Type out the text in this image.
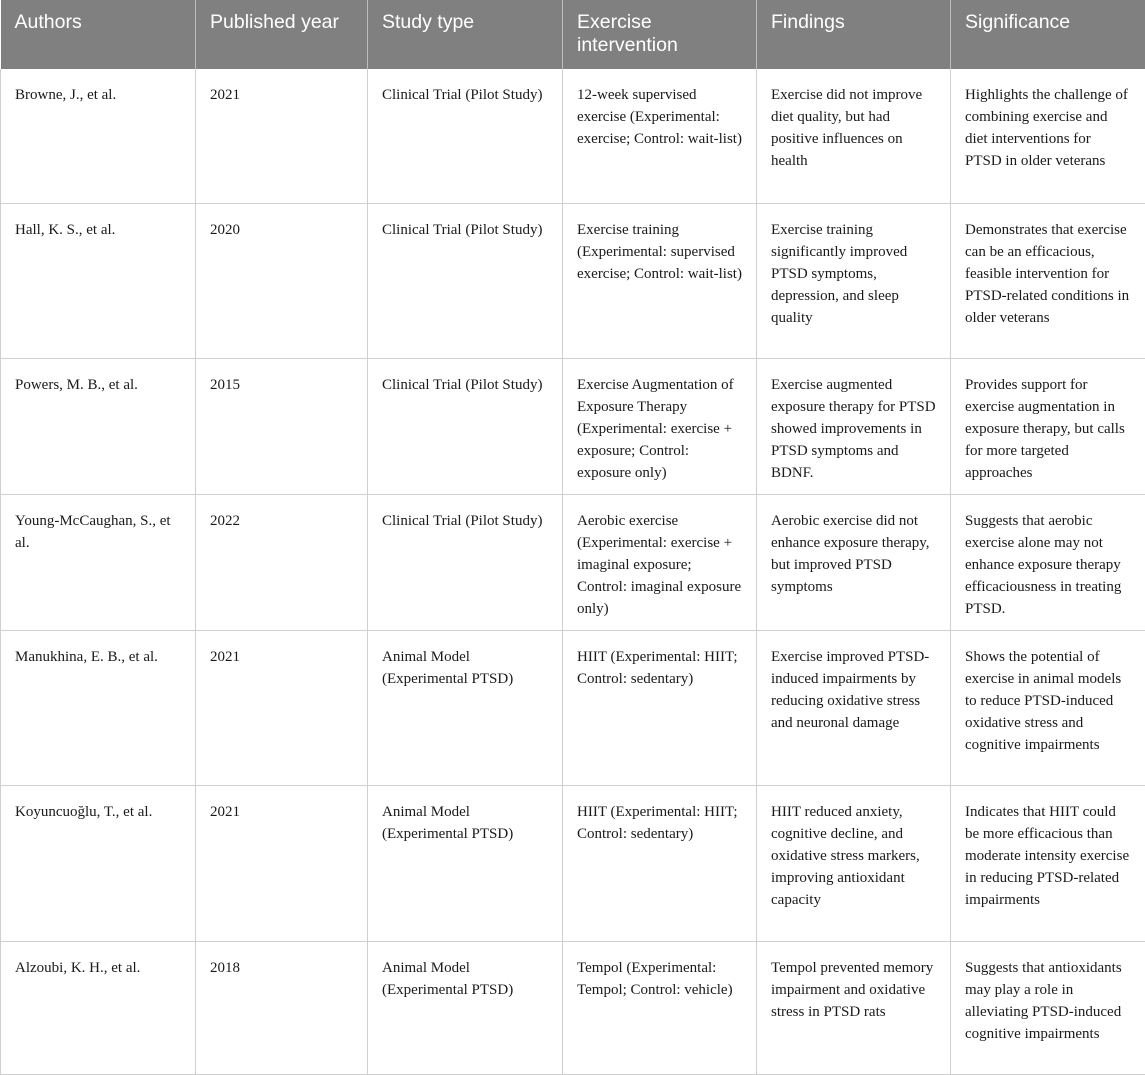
Authors	Published year	Study type	Exercise intervention	Findings	Significance
Browne, J., et al.	2021	Clinical Trial (Pilot Study)	12-week supervised exercise (Experimental: exercise; Control: wait-list)	Exercise did not improve diet quality, but had positive influences on health	Highlights the challenge of combining exercise and diet interventions for PTSD in older veterans
Hall, K. S., et al.	2020	Clinical Trial (Pilot Study)	Exercise training (Experimental: supervised exercise; Control: wait-list)	Exercise training significantly improved PTSD symptoms, depression, and sleep quality	Demonstrates that exercise can be an efficacious, feasible intervention for PTSD-related conditions in older veterans
Powers, M. B., et al.	2015	Clinical Trial (Pilot Study)	Exercise Augmentation of Exposure Therapy (Experimental: exercise + exposure; Control: exposure only)	Exercise augmented exposure therapy for PTSD showed improvements in PTSD symptoms and BDNF.	Provides support for exercise augmentation in exposure therapy, but calls for more targeted approaches
Young-McCaughan, S., et al.	2022	Clinical Trial (Pilot Study)	Aerobic exercise (Experimental: exercise + imaginal exposure; Control: imaginal exposure only)	Aerobic exercise did not enhance exposure therapy, but improved PTSD symptoms	Suggests that aerobic exercise alone may not enhance exposure therapy efficaciousness in treating PTSD.
Manukhina, E. B., et al.	2021	Animal Model (Experimental PTSD)	HIIT (Experimental: HIIT; Control: sedentary)	Exercise improved PTSD-induced impairments by reducing oxidative stress and neuronal damage	Shows the potential of exercise in animal models to reduce PTSD-induced oxidative stress and cognitive impairments
Koyuncuoğlu, T., et al.	2021	Animal Model (Experimental PTSD)	HIIT (Experimental: HIIT; Control: sedentary)	HIIT reduced anxiety, cognitive decline, and oxidative stress markers, improving antioxidant capacity	Indicates that HIIT could be more efficacious than moderate intensity exercise in reducing PTSD-related impairments
Alzoubi, K. H., et al.	2018	Animal Model (Experimental PTSD)	Tempol (Experimental: Tempol; Control: vehicle)	Tempol prevented memory impairment and oxidative stress in PTSD rats	Suggests that antioxidants may play a role in alleviating PTSD-induced cognitive impairments
